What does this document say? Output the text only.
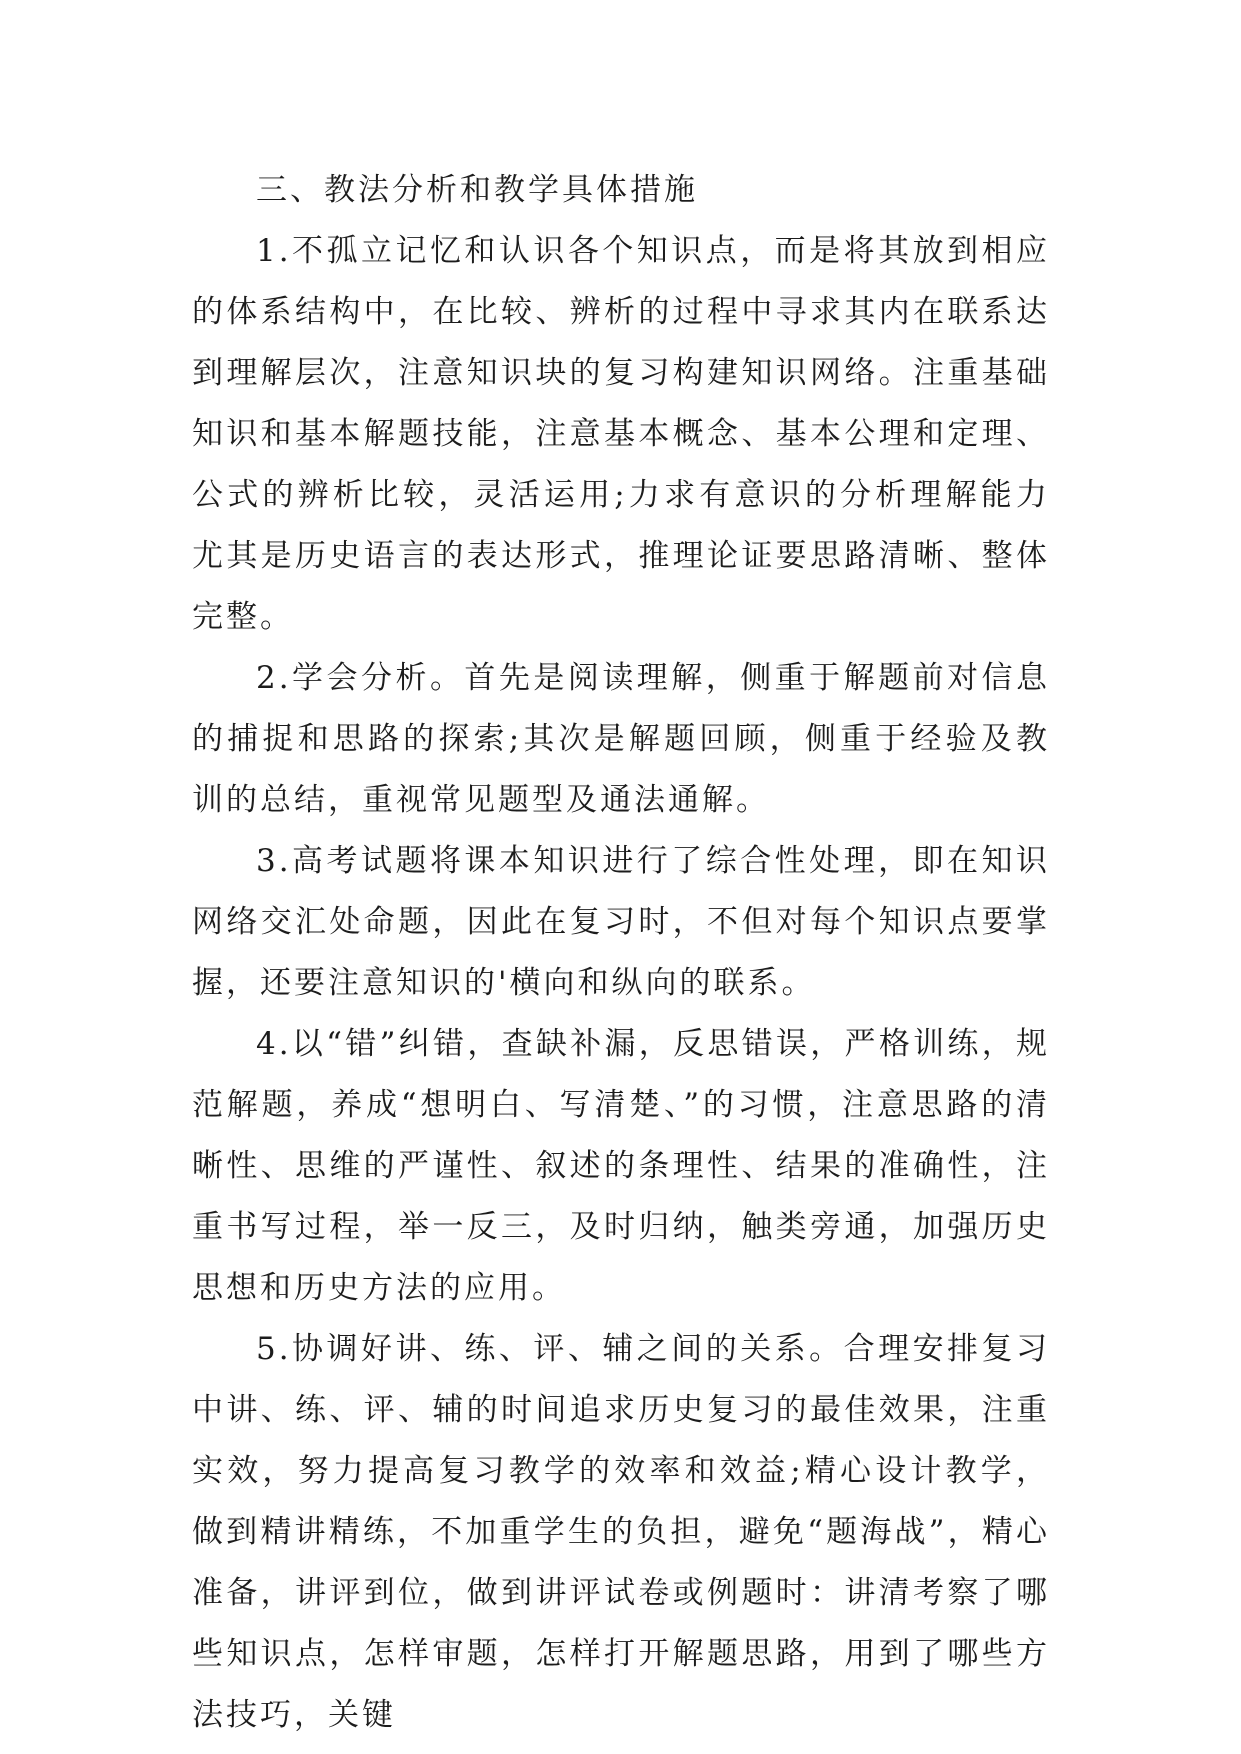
三、教法分析和教学具体措施

1.不孤立记忆和认识各个知识点，而是将其放到相应的体系结构中，在比较、辨析的过程中寻求其内在联系达到理解层次，注意知识块的复习构建知识网络。注重基础知识和基本解题技能，注意基本概念、基本公理和定理、公式的辨析比较，灵活运用;力求有意识的分析理解能力尤其是历史语言的表达形式，推理论证要思路清晰、整体完整。

2.学会分析。首先是阅读理解，侧重于解题前对信息的捕捉和思路的探索;其次是解题回顾，侧重于经验及教训的总结，重视常见题型及通法通解。

3.高考试题将课本知识进行了综合性处理，即在知识网络交汇处命题，因此在复习时，不但对每个知识点要掌握，还要注意知识的'横向和纵向的联系。

4.以“错”纠错，查缺补漏，反思错误，严格训练，规范解题，养成“想明白、写清楚、”的习惯，注意思路的清晰性、思维的严谨性、叙述的条理性、结果的准确性，注重书写过程，举一反三，及时归纳，触类旁通，加强历史思想和历史方法的应用。

5.协调好讲、练、评、辅之间的关系。合理安排复习中讲、练、评、辅的时间追求历史复习的最佳效果，注重实效，努力提高复习教学的效率和效益;精心设计教学，做到精讲精练，不加重学生的负担，避免“题海战”，精心准备，讲评到位，做到讲评试卷或例题时：讲清考察了哪些知识点，怎样审题，怎样打开解题思路，用到了哪些方法技巧，关键
